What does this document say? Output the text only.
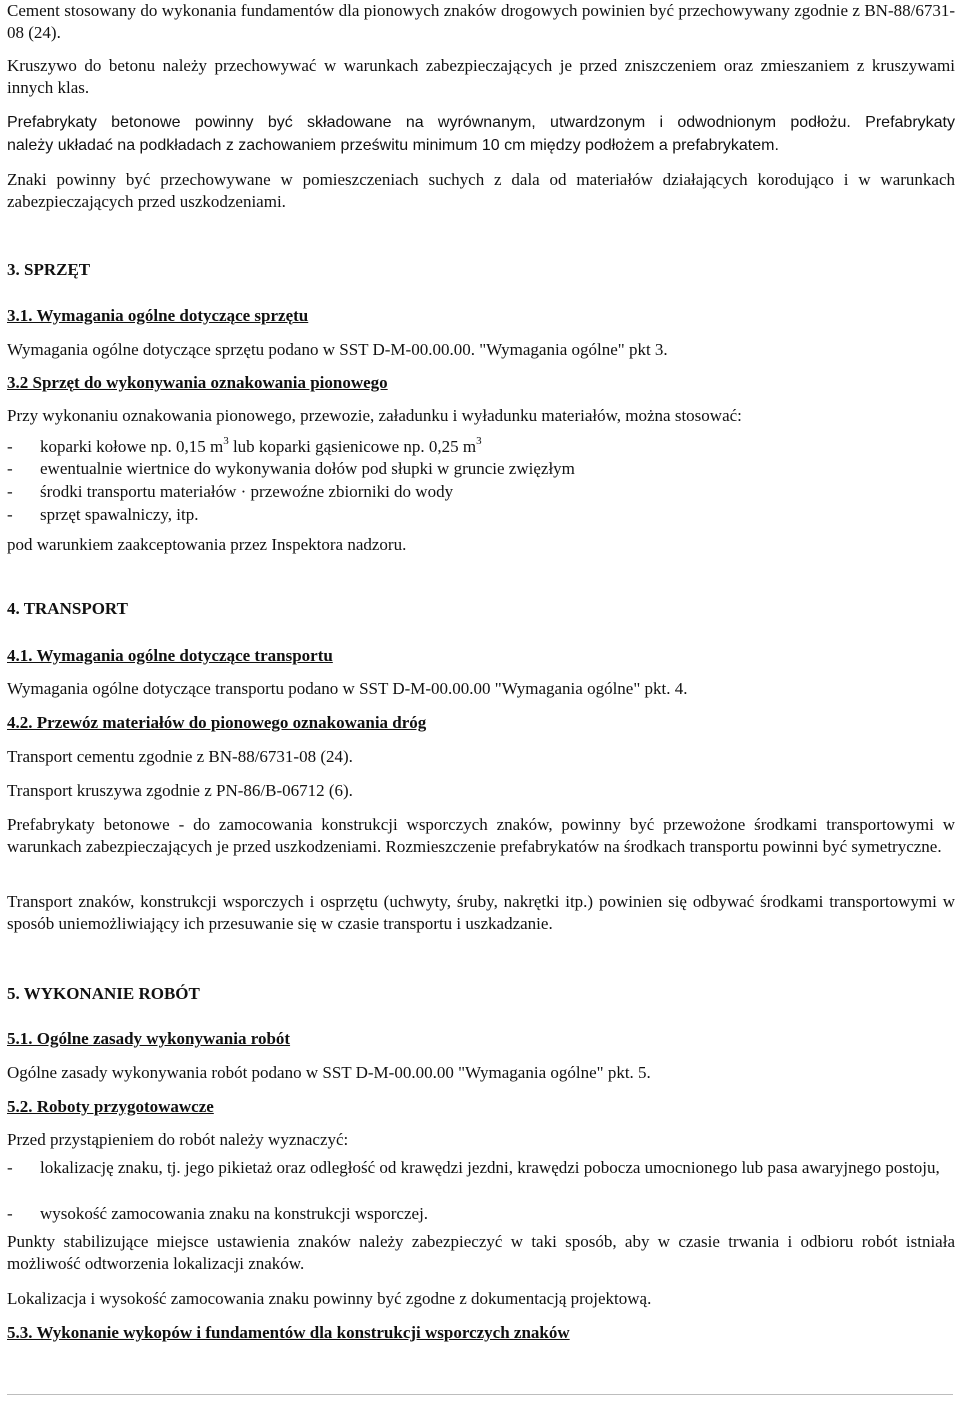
Cement stosowany do wykonania fundamentów dla pionowych znaków drogowych powinien być przechowywany zgodnie z BN-88/6731-08 (24).
Kruszywo do betonu należy przechowywać w warunkach zabezpieczających je przed zniszczeniem oraz zmieszaniem z kruszywami innych klas.
Prefabrykaty betonowe powinny być składowane na wyrównanym, utwardzonym i odwodnionym podłożu. Prefabrykaty
należy układać na podkładach z zachowaniem prześwitu minimum 10 cm między podłożem a prefabrykatem.
Znaki powinny być przechowywane w pomieszczeniach suchych z dala od materiałów działających korodująco i w warunkach zabezpieczających przed uszkodzeniami.
3. SPRZĘT
3.1. Wymagania ogólne dotyczące sprzętu
Wymagania ogólne dotyczące sprzętu podano w SST D-M-00.00.00. "Wymagania ogólne" pkt 3.
3.2 Sprzęt do wykonywania oznakowania pionowego
Przy wykonaniu oznakowania pionowego, przewozie, załadunku i wyładunku materiałów, można stosować:
- koparki kołowe np. 0,15 $m^3$ lub koparki gąsienicowe np. 0,25 $m^3$
- ewentualnie wiertnice do wykonywania dołów pod słupki w gruncie zwięzłym
- środki transportu materiałów · przewoźne zbiorniki do wody
- sprzęt spawalniczy, itp.
pod warunkiem zaakceptowania przez Inspektora nadzoru.
4. TRANSPORT
4.1. Wymagania ogólne dotyczące transportu
Wymagania ogólne dotyczące transportu podano w SST D-M-00.00.00 "Wymagania ogólne" pkt. 4.
4.2. Przewóz materiałów do pionowego oznakowania dróg
Transport cementu zgodnie z BN-88/6731-08 (24).
Transport kruszywa zgodnie z PN-86/B-06712 (6).
Prefabrykaty betonowe - do zamocowania konstrukcji wsporczych znaków, powinny być przewożone środkami transportowymi w warunkach zabezpieczających je przed uszkodzeniami. Rozmieszczenie prefabrykatów na środkach transportu powinni być symetryczne.
Transport znaków, konstrukcji wsporczych i osprzętu (uchwyty, śruby, nakrętki itp.) powinien się odbywać środkami transportowymi w sposób uniemożliwiający ich przesuwanie się w czasie transportu i uszkadzanie.
5. WYKONANIE ROBÓT
5.1. Ogólne zasady wykonywania robót
Ogólne zasady wykonywania robót podano w SST D-M-00.00.00 "Wymagania ogólne" pkt. 5.
5.2. Roboty przygotowawcze
Przed przystąpieniem do robót należy wyznaczyć:
- lokalizację znaku, tj. jego pikietaż oraz odległość od krawędzi jezdni, krawędzi pobocza umocnionego lub pasa awaryjnego postoju,
- wysokość zamocowania znaku na konstrukcji wsporczej.
Punkty stabilizujące miejsce ustawienia znaków należy zabezpieczyć w taki sposób, aby w czasie trwania i odbioru robót istniała możliwość odtworzenia lokalizacji znaków.
Lokalizacja i wysokość zamocowania znaku powinny być zgodne z dokumentacją projektową.
5.3. Wykonanie wykopów i fundamentów dla konstrukcji wsporczych znaków
